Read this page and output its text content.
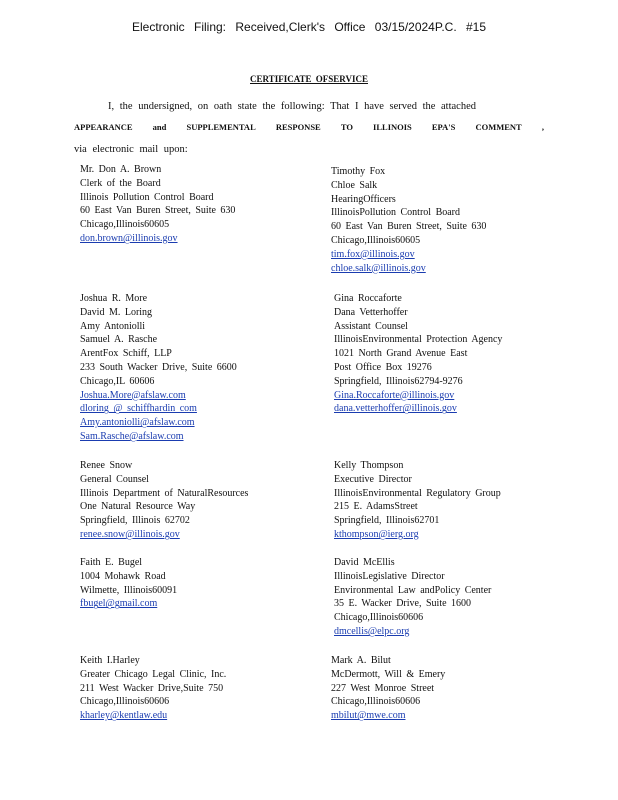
Electronic Filing: Received,Clerk's Office 03/15/2024P.C. #15
CERTIFICATE OFSERVICE
I, the undersigned, on oath state the following: That I have served the attached
APPEARANCE and SUPPLEMENTAL RESPONSE TO ILLINOIS EPA'S COMMENT ,
via electronic mail upon:
Mr. Don A. Brown
Clerk of the Board
Illinois Pollution Control Board
60 East Van Buren Street, Suite 630
Chicago,Illinois60605
don.brown@illinois.gov
Timothy Fox
Chloe Salk
HearingOfficers
IllinoisPollution Control Board
60 East Van Buren Street, Suite 630
Chicago,Illinois60605
tim.fox@illinois.gov
chloe.salk@illinois.gov
Joshua R. More
David M. Loring
Amy Antoniolli
Samuel A. Rasche
ArentFox Schiff, LLP
233 South Wacker Drive, Suite 6600
Chicago,IL 60606
Joshua.More@afslaw.com
dloring @ schiffhardin com
Amy.antoniolli@afslaw.com
Sam.Rasche@afslaw.com
Gina Roccaforte
Dana Vetterhoffer
Assistant Counsel
IllinoisEnvironmental Protection Agency
1021 North Grand Avenue East
Post Office Box 19276
Springfield, Illinois62794-9276
Gina.Roccaforte@illinois.gov
dana.vetterhoffer@illinois.gov
Renee Snow
General Counsel
Illinois Department of NaturalResources
One Natural Resource Way
Springfield, Illinois 62702
renee.snow@illinois.gov
Kelly Thompson
Executive Director
IllinoisEnvironmental Regulatory Group
215 E. AdamsStreet
Springfield, Illinois62701
kthompson@ierg.org
Faith E. Bugel
1004 Mohawk Road
Wilmette, Illinois60091
fbugel@gmail.com
David McEllis
IllinoisLegislative Director
Environmental Law andPolicy Center
35 E. Wacker Drive, Suite 1600
Chicago,Illinois60606
dmcellis@elpc.org
Keith I.Harley
Greater Chicago Legal Clinic, Inc.
211 West Wacker Drive,Suite 750
Chicago,Illinois60606
kharley@kentlaw.edu
Mark A. Bilut
McDermott, Will & Emery
227 West Monroe Street
Chicago,Illinois60606
mbilut@mwe.com
